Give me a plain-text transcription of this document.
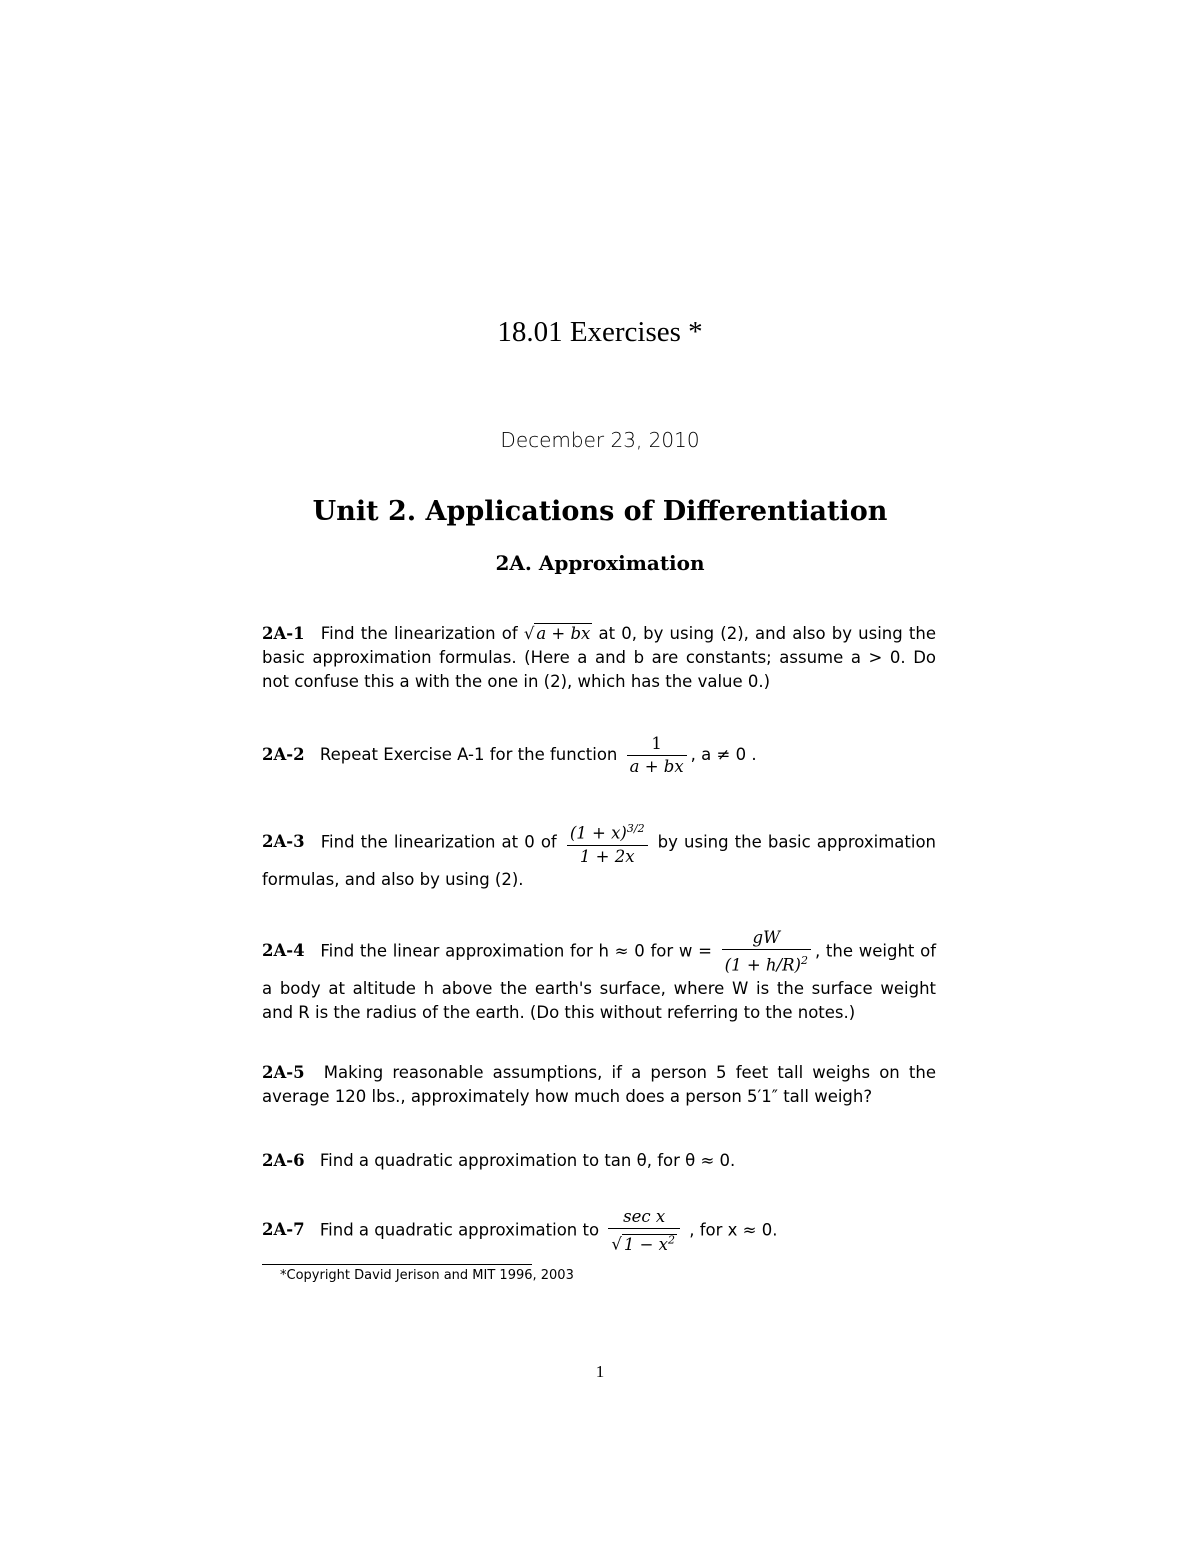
18.01 Exercises *
December 23, 2010
Unit 2. Applications of Differentiation
2A. Approximation
2A-1 Find the linearization of √ a + bx at 0, by using (2), and also by using the basic approximation formulas. (Here a and b are constants; assume a > 0. Do not confuse this a with the one in (2), which has the value 0.)
2A-2 Repeat Exercise A-1 for the function $\frac{1}{a + bx}$ , a ≠ 0 .
2A-3 Find the linearization at 0 of $\frac{(1 + x)^{3/2}}{1 + 2x}$ by using the basic approximation formulas, and also by using (2).
2A-4 Find the linear approximation for h ≈ 0 for $w = \frac{gW}{(1 + h/R)^2}$ , the weight of a body at altitude h above the earth's surface, where W is the surface weight and R is the radius of the earth. (Do this without referring to the notes.)
2A-5 Making reasonable assumptions, if a person 5 feet tall weighs on the average 120 lbs., approximately how much does a person 5′1″ tall weigh?
2A-6 Find a quadratic approximation to tan θ, for θ ≈ 0.
2A-7 Find a quadratic approximation to $\frac{\text{sec x}}{√ 1 - x^2}$ , for x ≈ 0.
*Copyright David Jerison and MIT 1996, 2003
1
